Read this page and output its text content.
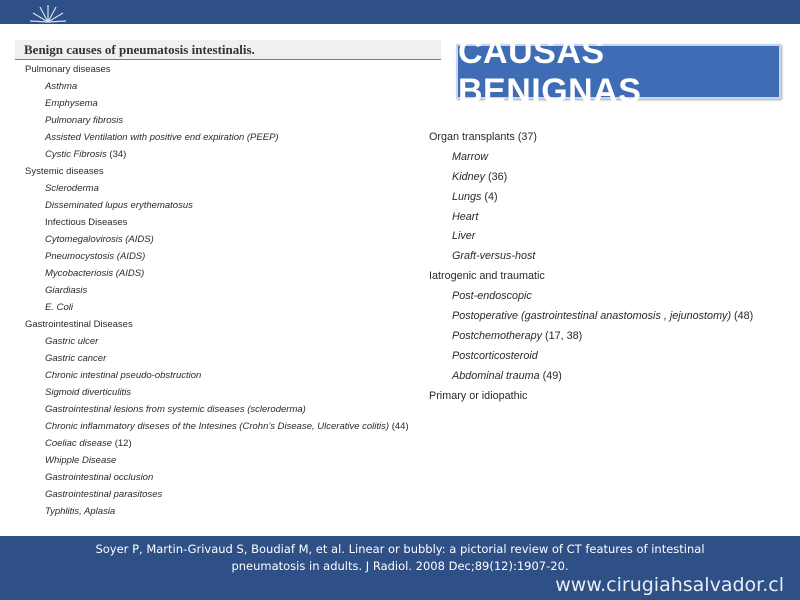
CAUSAS BENIGNAS
Benign causes of pneumatosis intestinalis.
Pulmonary diseases
Asthma
Emphysema
Pulmonary fibrosis
Assisted Ventilation with positive end expiration (PEEP)
Cystic Fibrosis (34)
Systemic diseases
Scleroderma
Disseminated lupus erythematosus
Infectious Diseases
Cytomegalovirosis (AIDS)
Pneumocystosis (AIDS)
Mycobacteriosis (AIDS)
Giardiasis
E. Coli
Gastrointestinal Diseases
Gastric ulcer
Gastric cancer
Chronic intestinal pseudo-obstruction
Sigmoid diverticulitis
Gastrointestinal lesions from systemic diseases (scleroderma)
Chronic inflammatory diseses of the Intesines (Crohn’s Disease, Ulcerative colitis) (44)
Coeliac disease (12)
Whipple Disease
Gastrointestinal occlusion
Gastrointestinal parasitoses
Typhlitis, Aplasia
Organ transplants (37)
Marrow
Kidney (36)
Lungs (4)
Heart
Liver
Graft-versus-host
Iatrogenic and traumatic
Post-endoscopic
Postoperative (gastrointestinal anastomosis , jejunostomy) (48)
Postchemotherapy (17, 38)
Postcorticosteroid
Abdominal trauma (49)
Primary or idiopathic
Soyer P, Martin-Grivaud S, Boudiaf M, et al. Linear or bubbly: a pictorial review of CT features of intestinal
pneumatosis in adults. J Radiol. 2008 Dec;89(12):1907-20.
www.cirugiahsalvador.cl
